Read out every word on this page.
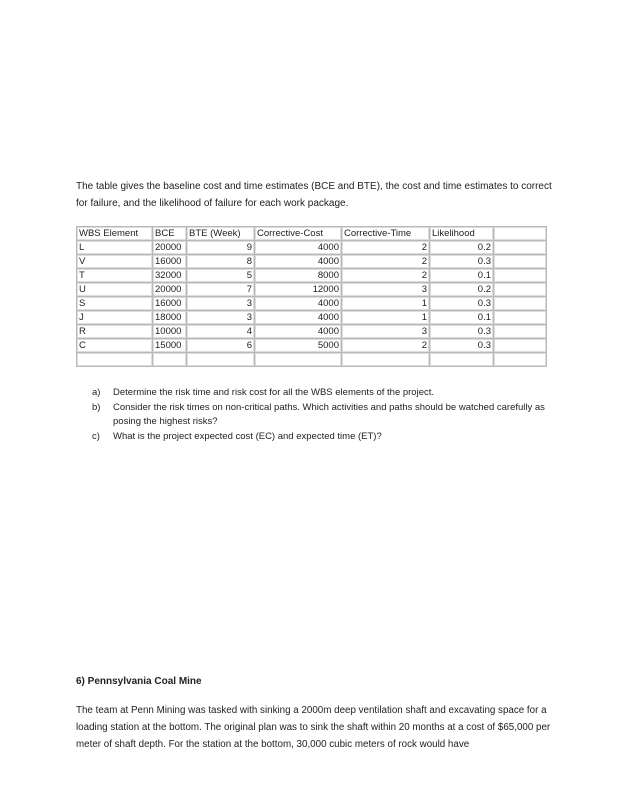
The table gives the baseline cost and time estimates (BCE and BTE), the cost and time estimates to correct for failure, and the likelihood of failure for each work package.
WBS Element	BCE	BTE (Week)	Corrective-Cost	Corrective-Time	Likelihood	
L	20000	9	4000	2	0.2	
V	16000	8	4000	2	0.3	
T	32000	5	8000	2	0.1	
U	20000	7	12000	3	0.2	
S	16000	3	4000	1	0.3	
J	18000	3	4000	1	0.1	
R	10000	4	4000	3	0.3	
C	15000	6	5000	2	0.3	

a)	Determine the risk time and risk cost for all the WBS elements of the project.
b)	Consider the risk times on non-critical paths. Which activities and paths should be watched carefully as posing the highest risks?
c)	What is the project expected cost (EC) and expected time (ET)?
6) Pennsylvania Coal Mine
The team at Penn Mining was tasked with sinking a 2000m deep ventilation shaft and excavating space for a loading station at the bottom. The original plan was to sink the shaft within 20 months at a cost of $65,000 per meter of shaft depth. For the station at the bottom, 30,000 cubic meters of rock would have
